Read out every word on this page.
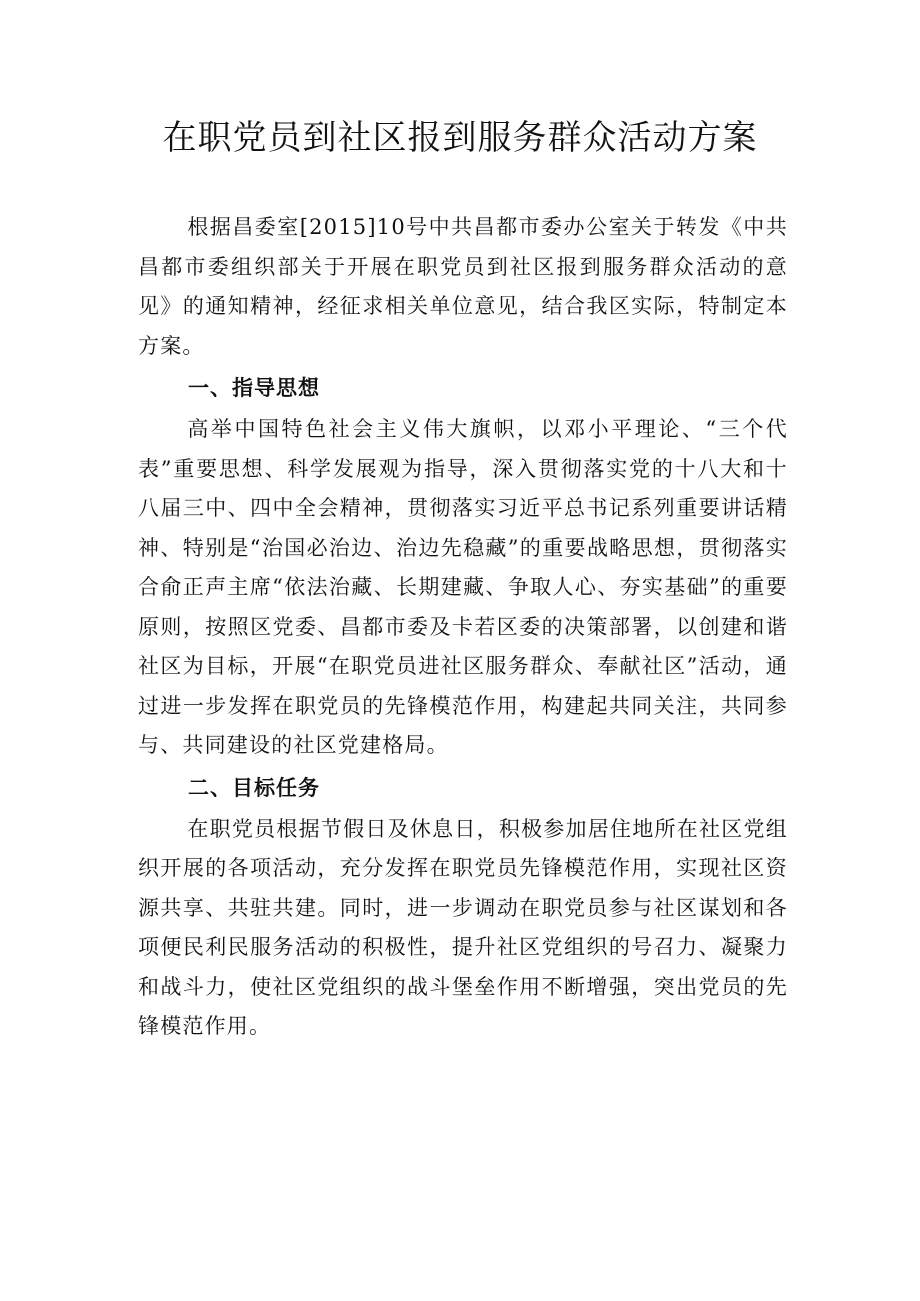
在职党员到社区报到服务群众活动方案

根据昌委室[2015]10号中共昌都市委办公室关于转发《中共昌都市委组织部关于开展在职党员到社区报到服务群众活动的意见》的通知精神，经征求相关单位意见，结合我区实际，特制定本方案。

一、指导思想

高举中国特色社会主义伟大旗帜，以邓小平理论、“三个代表”重要思想、科学发展观为指导，深入贯彻落实党的十八大和十八届三中、四中全会精神，贯彻落实习近平总书记系列重要讲话精神、特别是“治国必治边、治边先稳藏”的重要战略思想，贯彻落实合俞正声主席“依法治藏、长期建藏、争取人心、夯实基础”的重要原则，按照区党委、昌都市委及卡若区委的决策部署，以创建和谐社区为目标，开展“在职党员进社区服务群众、奉献社区”活动，通过进一步发挥在职党员的先锋模范作用，构建起共同关注，共同参与、共同建设的社区党建格局。

二、目标任务

在职党员根据节假日及休息日，积极参加居住地所在社区党组织开展的各项活动，充分发挥在职党员先锋模范作用，实现社区资源共享、共驻共建。同时，进一步调动在职党员参与社区谋划和各项便民利民服务活动的积极性，提升社区党组织的号召力、凝聚力和战斗力，使社区党组织的战斗堡垒作用不断增强，突出党员的先锋模范作用。
